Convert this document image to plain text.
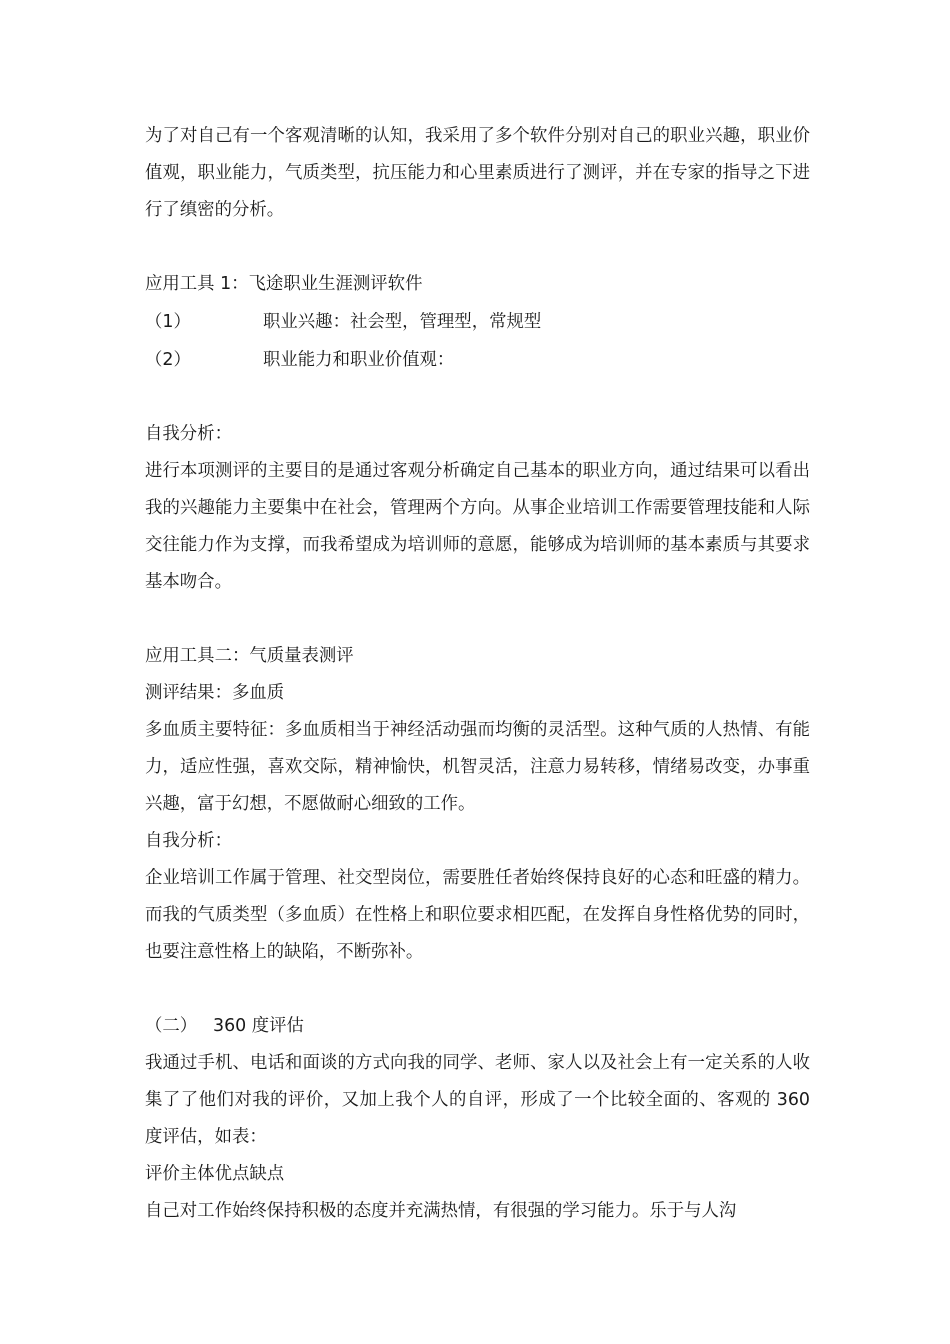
为了对自己有一个客观清晰的认知，我采用了多个软件分别对自己的职业兴趣，职业价值观，职业能力，气质类型，抗压能力和心里素质进行了测评，并在专家的指导之下进行了缜密的分析。

应用工具 1：飞途职业生涯测评软件

（1）	职业兴趣：社会型，管理型，常规型
（2）	职业能力和职业价值观：

自我分析：

进行本项测评的主要目的是通过客观分析确定自己基本的职业方向，通过结果可以看出我的兴趣能力主要集中在社会，管理两个方向。从事企业培训工作需要管理技能和人际交往能力作为支撑，而我希望成为培训师的意愿，能够成为培训师的基本素质与其要求基本吻合。

应用工具二：气质量表测评

测评结果：多血质

多血质主要特征：多血质相当于神经活动强而均衡的灵活型。这种气质的人热情、有能力，适应性强，喜欢交际，精神愉快，机智灵活，注意力易转移，情绪易改变，办事重兴趣，富于幻想，不愿做耐心细致的工作。

自我分析：

企业培训工作属于管理、社交型岗位，需要胜任者始终保持良好的心态和旺盛的精力。而我的气质类型（多血质）在性格上和职位要求相匹配，在发挥自身性格优势的同时，也要注意性格上的缺陷，不断弥补。

（二） 360 度评估

我通过手机、电话和面谈的方式向我的同学、老师、家人以及社会上有一定关系的人收集了了他们对我的评价，又加上我个人的自评，形成了一个比较全面的、客观的 360 度评估，如表：

评价主体优点缺点

自己对工作始终保持积极的态度并充满热情，有很强的学习能力。乐于与人沟
